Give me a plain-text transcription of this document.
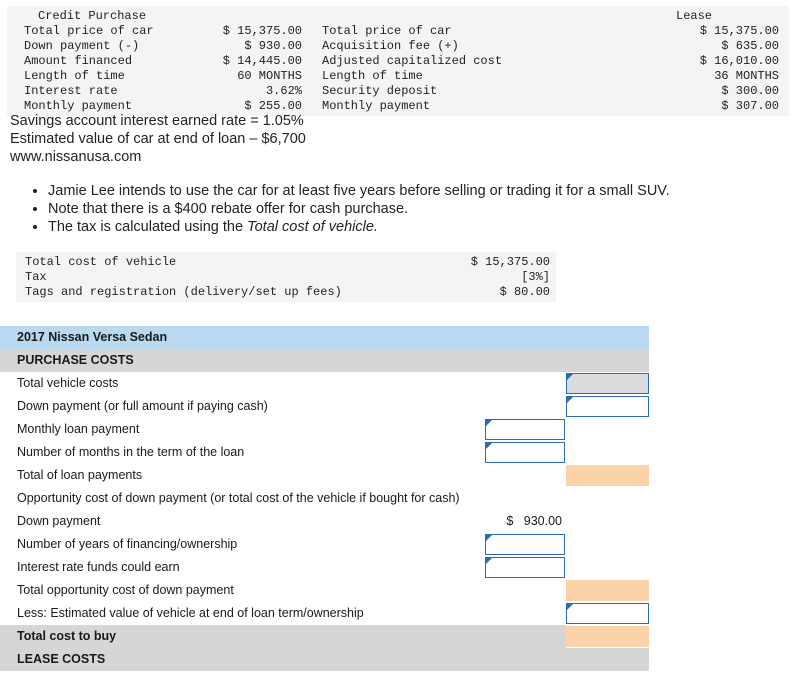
Credit Purchase	Lease
Total price of car	$ 15,375.00
Down payment (-)	$ 930.00
Amount financed	$ 14,445.00
Length of time	60 MONTHS
Interest rate	3.62%
Monthly payment	$ 255.00
Total price of car	$ 15,375.00
Acquisition fee (+)	$ 635.00
Adjusted capitalized cost	$ 16,010.00
Length of time	36 MONTHS
Security deposit	$ 300.00
Monthly payment	$ 307.00
Savings account interest earned rate = 1.05%
Estimated value of car at end of loan – $6,700
www.nissanusa.com
• Jamie Lee intends to use the car for at least five years before selling or trading it for a small SUV.
• Note that there is a $400 rebate offer for cash purchase.
• The tax is calculated using the Total cost of vehicle.
Total cost of vehicle	$ 15,375.00
Tax	[3%]
Tags and registration (delivery/set up fees)	$ 80.00
2017 Nissan Versa Sedan
PURCHASE COSTS
Total vehicle costs
Down payment (or full amount if paying cash)
Monthly loan payment
Number of months in the term of the loan
Total of loan payments
Opportunity cost of down payment (or total cost of the vehicle if bought for cash)
Down payment	$   930.00
Number of years of financing/ownership
Interest rate funds could earn
Total opportunity cost of down payment
Less: Estimated value of vehicle at end of loan term/ownership
Total cost to buy
LEASE COSTS
